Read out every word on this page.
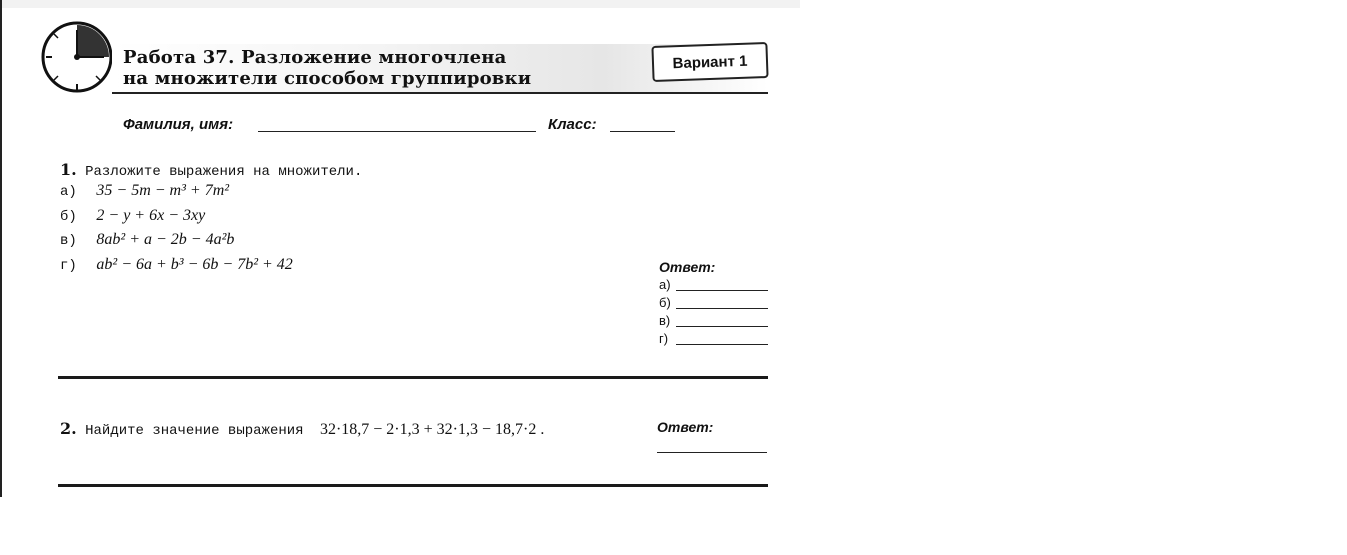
Работа 37. Разложение многочлена
на множители способом группировки
Вариант 1
Фамилия, имя:	Класс:
1. Разложите выражения на множители.
а) 35 − 5m − m³ + 7m²
б) 2 − y + 6x − 3xy
в) 8ab² + a − 2b − 4a²b
г) ab² − 6a + b³ − 6b − 7b² + 42	Ответ:
а)
б)
в)
г)
2. Найдите значение выражения 32·18,7 − 2·1,3 + 32·1,3 − 18,7·2 .	Ответ:
